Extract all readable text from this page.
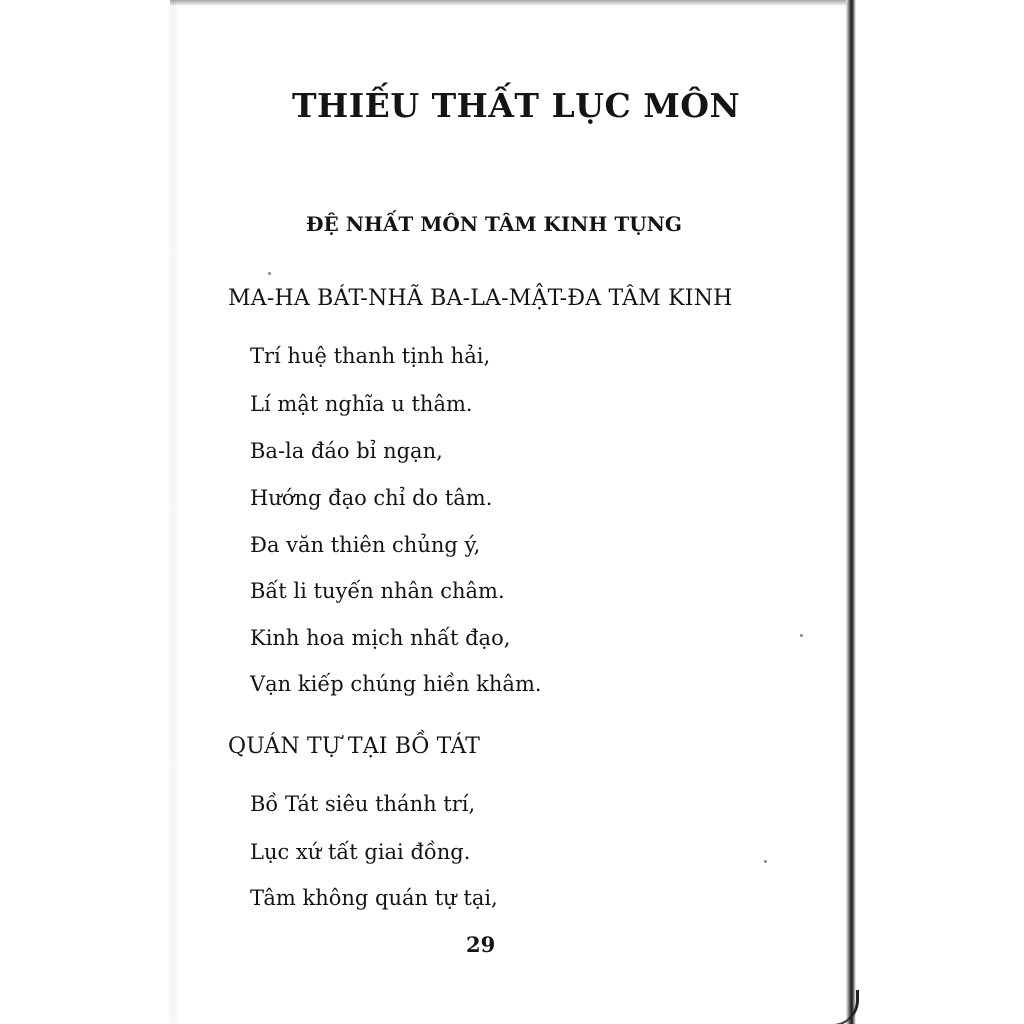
THIẾU THẤT LỤC MÔN
ĐỆ NHẤT MÔN TÂM KINH TỤNG
MA-HA BÁT-NHÃ BA-LA-MẬT-ĐA TÂM KINH
Trí huệ thanh tịnh hải,
Lí mật nghĩa u thâm.
Ba-la đáo bỉ ngạn,
Hướng đạo chỉ do tâm.
Đa văn thiên chủng ý,
Bất li tuyến nhân châm.
Kinh hoa mịch nhất đạo,
Vạn kiếp chúng hiền khâm.
QUÁN TỰ TẠI BỒ TÁT
Bồ Tát siêu thánh trí,
Lục xứ tất giai đồng.
Tâm không quán tự tại,
29
